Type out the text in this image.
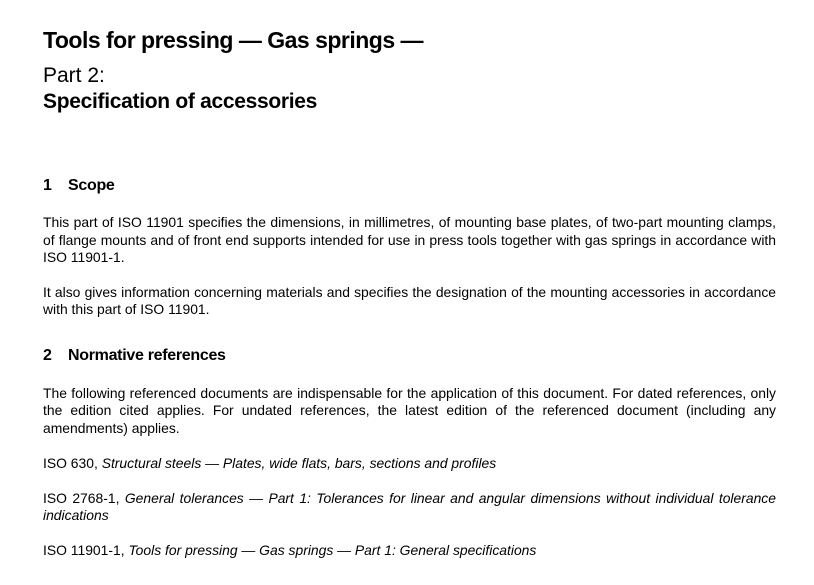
Tools for pressing — Gas springs —

Part 2:

Specification of accessories

1 Scope

This part of ISO 11901 specifies the dimensions, in millimetres, of mounting base plates, of two-part mounting clamps, of flange mounts and of front end supports intended for use in press tools together with gas springs in accordance with ISO 11901-1.

It also gives information concerning materials and specifies the designation of the mounting accessories in accordance with this part of ISO 11901.

2 Normative references

The following referenced documents are indispensable for the application of this document. For dated references, only the edition cited applies. For undated references, the latest edition of the referenced document (including any amendments) applies.

ISO 630, Structural steels — Plates, wide flats, bars, sections and profiles

ISO 2768-1, General tolerances — Part 1: Tolerances for linear and angular dimensions without individual tolerance indications

ISO 11901-1, Tools for pressing — Gas springs — Part 1: General specifications
